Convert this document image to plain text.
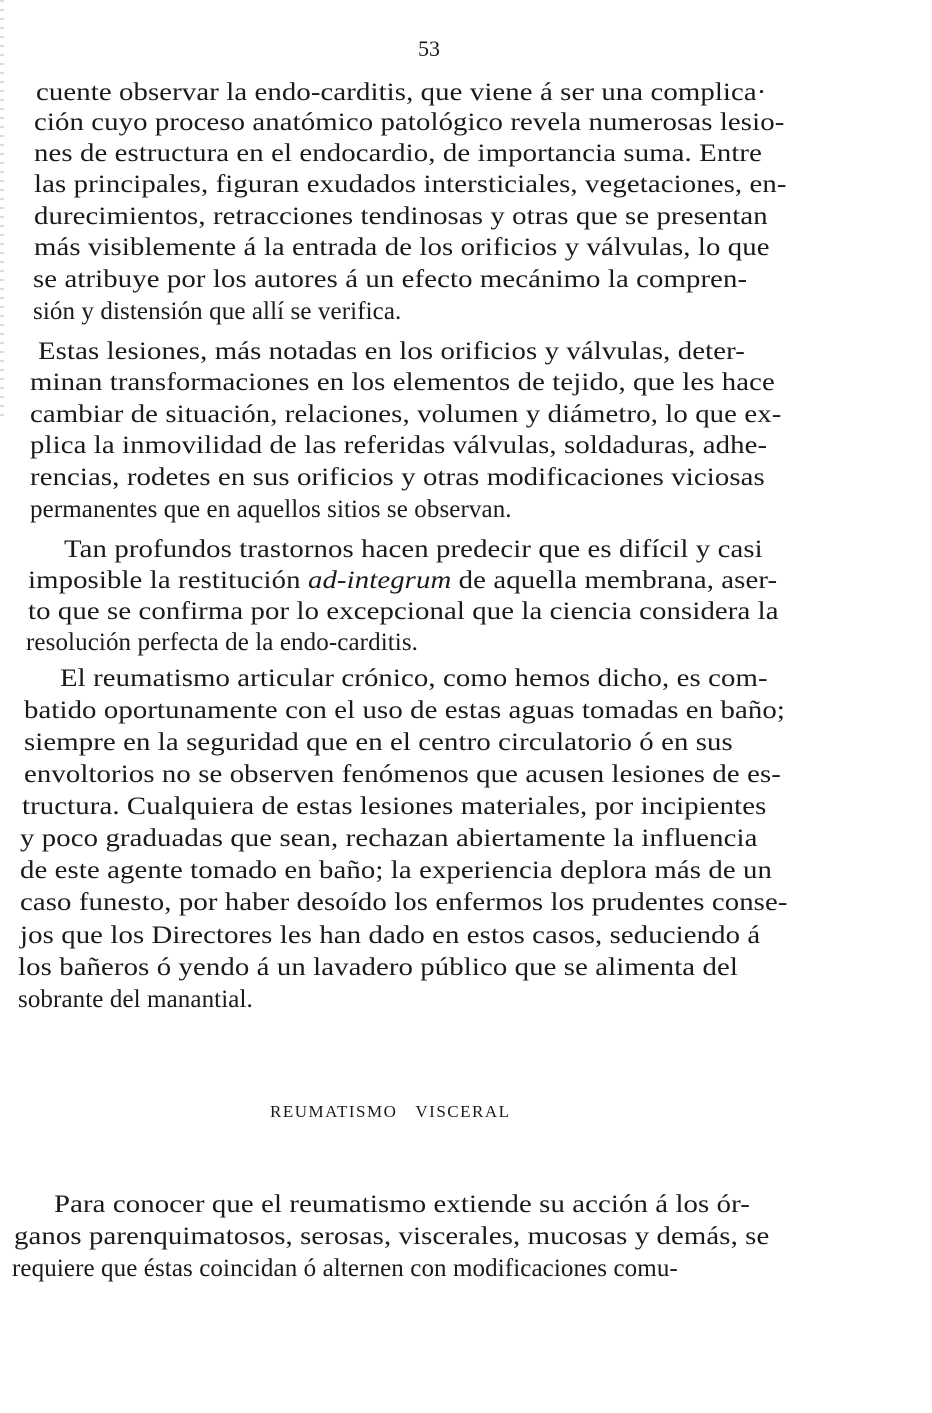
53
cuente observar la endo-carditis, que viene á ser una complica·
ción cuyo proceso anatómico patológico revela numerosas lesio-
nes de estructura en el endocardio, de importancia suma. Entre
las principales, figuran exudados intersticiales, vegetaciones, en-
durecimientos, retracciones tendinosas y otras que se presentan
más visiblemente á la entrada de los orificios y válvulas, lo que
se atribuye por los autores á un efecto mecánimo la compren-
sión y distensión que allí se verifica.
Estas lesiones, más notadas en los orificios y válvulas, deter-
minan transformaciones en los elementos de tejido, que les hace
cambiar de situación, relaciones, volumen y diámetro, lo que ex-
plica la inmovilidad de las referidas válvulas, soldaduras, adhe-
rencias, rodetes en sus orificios y otras modificaciones viciosas
permanentes que en aquellos sitios se observan.
Tan profundos trastornos hacen predecir que es difícil y casi
imposible la restitución ad-integrum de aquella membrana, aser-
to que se confirma por lo excepcional que la ciencia considera la
resolución perfecta de la endo-carditis.
El reumatismo articular crónico, como hemos dicho, es com-
batido oportunamente con el uso de estas aguas tomadas en baño;
siempre en la seguridad que en el centro circulatorio ó en sus
envoltorios no se observen fenómenos que acusen lesiones de es-
tructura. Cualquiera de estas lesiones materiales, por incipientes
y poco graduadas que sean, rechazan abiertamente la influencia
de este agente tomado en baño; la experiencia deplora más de un
caso funesto, por haber desoído los enfermos los prudentes conse-
jos que los Directores les han dado en estos casos, seduciendo á
los bañeros ó yendo á un lavadero público que se alimenta del
sobrante del manantial.
REUMATISMO VISCERAL
Para conocer que el reumatismo extiende su acción á los ór-
ganos parenquimatosos, serosas, viscerales, mucosas y demás, se
requiere que éstas coincidan ó alternen con modificaciones comu-
